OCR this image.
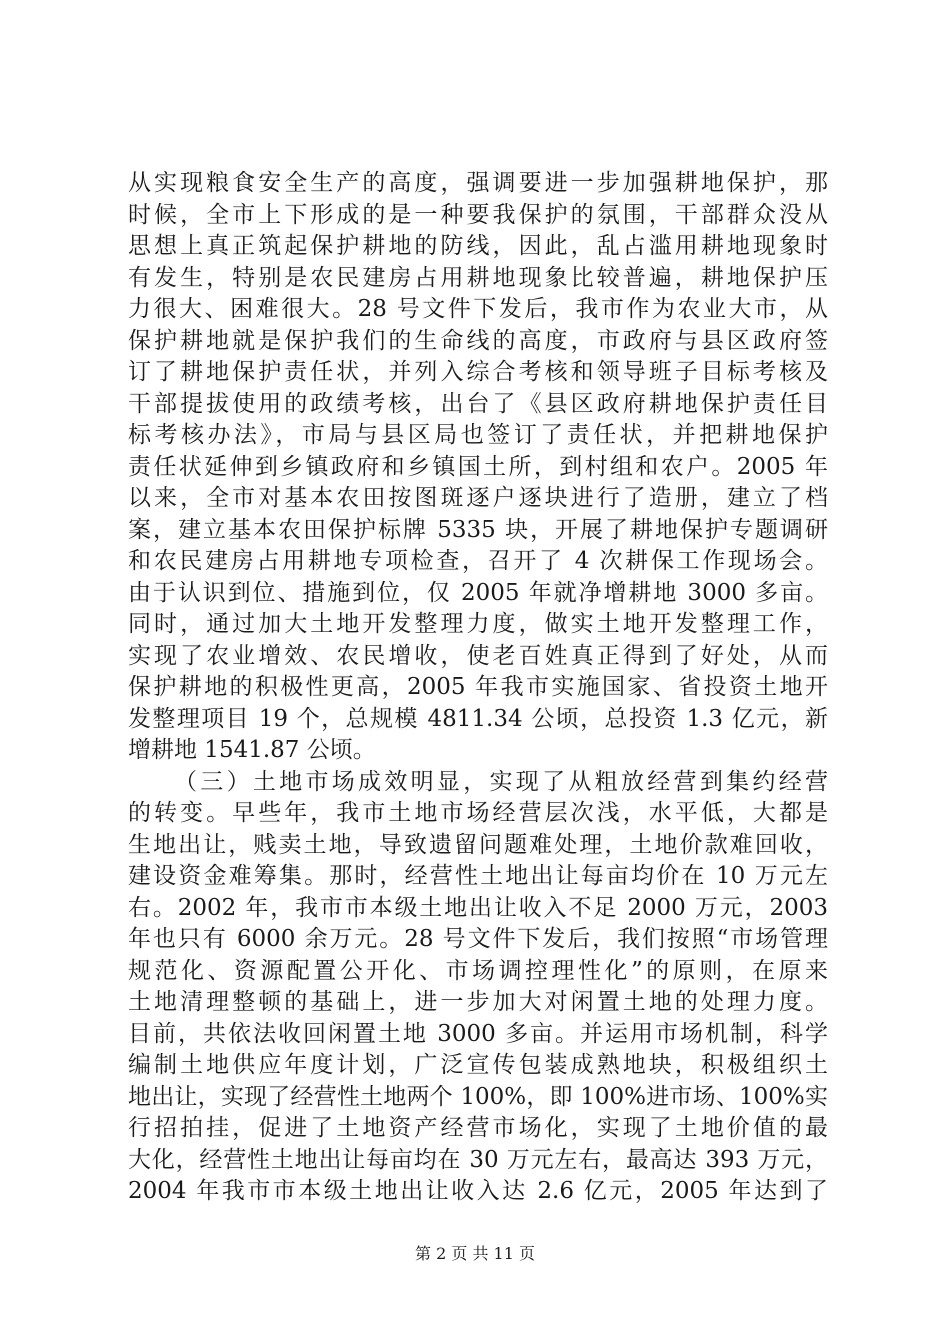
从实现粮食安全生产的高度，强调要进一步加强耕地保护，那
时候，全市上下形成的是一种要我保护的氛围，干部群众没从
思想上真正筑起保护耕地的防线，因此，乱占滥用耕地现象时
有发生，特别是农民建房占用耕地现象比较普遍，耕地保护压
力很大、困难很大。28 号文件下发后，我市作为农业大市，从
保护耕地就是保护我们的生命线的高度，市政府与县区政府签
订了耕地保护责任状，并列入综合考核和领导班子目标考核及
干部提拔使用的政绩考核，出台了《县区政府耕地保护责任目
标考核办法》，市局与县区局也签订了责任状，并把耕地保护
责任状延伸到乡镇政府和乡镇国土所，到村组和农户。2005 年
以来，全市对基本农田按图斑逐户逐块进行了造册，建立了档
案，建立基本农田保护标牌 5335 块，开展了耕地保护专题调研
和农民建房占用耕地专项检查，召开了 4 次耕保工作现场会。
由于认识到位、措施到位，仅 2005 年就净增耕地 3000 多亩。
同时，通过加大土地开发整理力度，做实土地开发整理工作，
实现了农业增效、农民增收，使老百姓真正得到了好处，从而
保护耕地的积极性更高，2005 年我市实施国家、省投资土地开
发整理项目 19 个，总规模 4811.34 公顷，总投资 1.3 亿元，新
增耕地 1541.87 公顷。
（三）土地市场成效明显，实现了从粗放经营到集约经营
的转变。早些年，我市土地市场经营层次浅，水平低，大都是
生地出让，贱卖土地，导致遗留问题难处理，土地价款难回收，
建设资金难筹集。那时，经营性土地出让每亩均价在 10 万元左
右。2002 年，我市市本级土地出让收入不足 2000 万元，2003
年也只有 6000 余万元。28 号文件下发后，我们按照“市场管理
规范化、资源配置公开化、市场调控理性化”的原则，在原来
土地清理整顿的基础上，进一步加大对闲置土地的处理力度。
目前，共依法收回闲置土地 3000 多亩。并运用市场机制，科学
编制土地供应年度计划，广泛宣传包装成熟地块，积极组织土
地出让，实现了经营性土地两个 100%，即 100%进市场、100%实
行招拍挂，促进了土地资产经营市场化，实现了土地价值的最
大化，经营性土地出让每亩均在 30 万元左右，最高达 393 万元，
2004 年我市市本级土地出让收入达 2.6 亿元，2005 年达到了
第 2 页 共 11 页
